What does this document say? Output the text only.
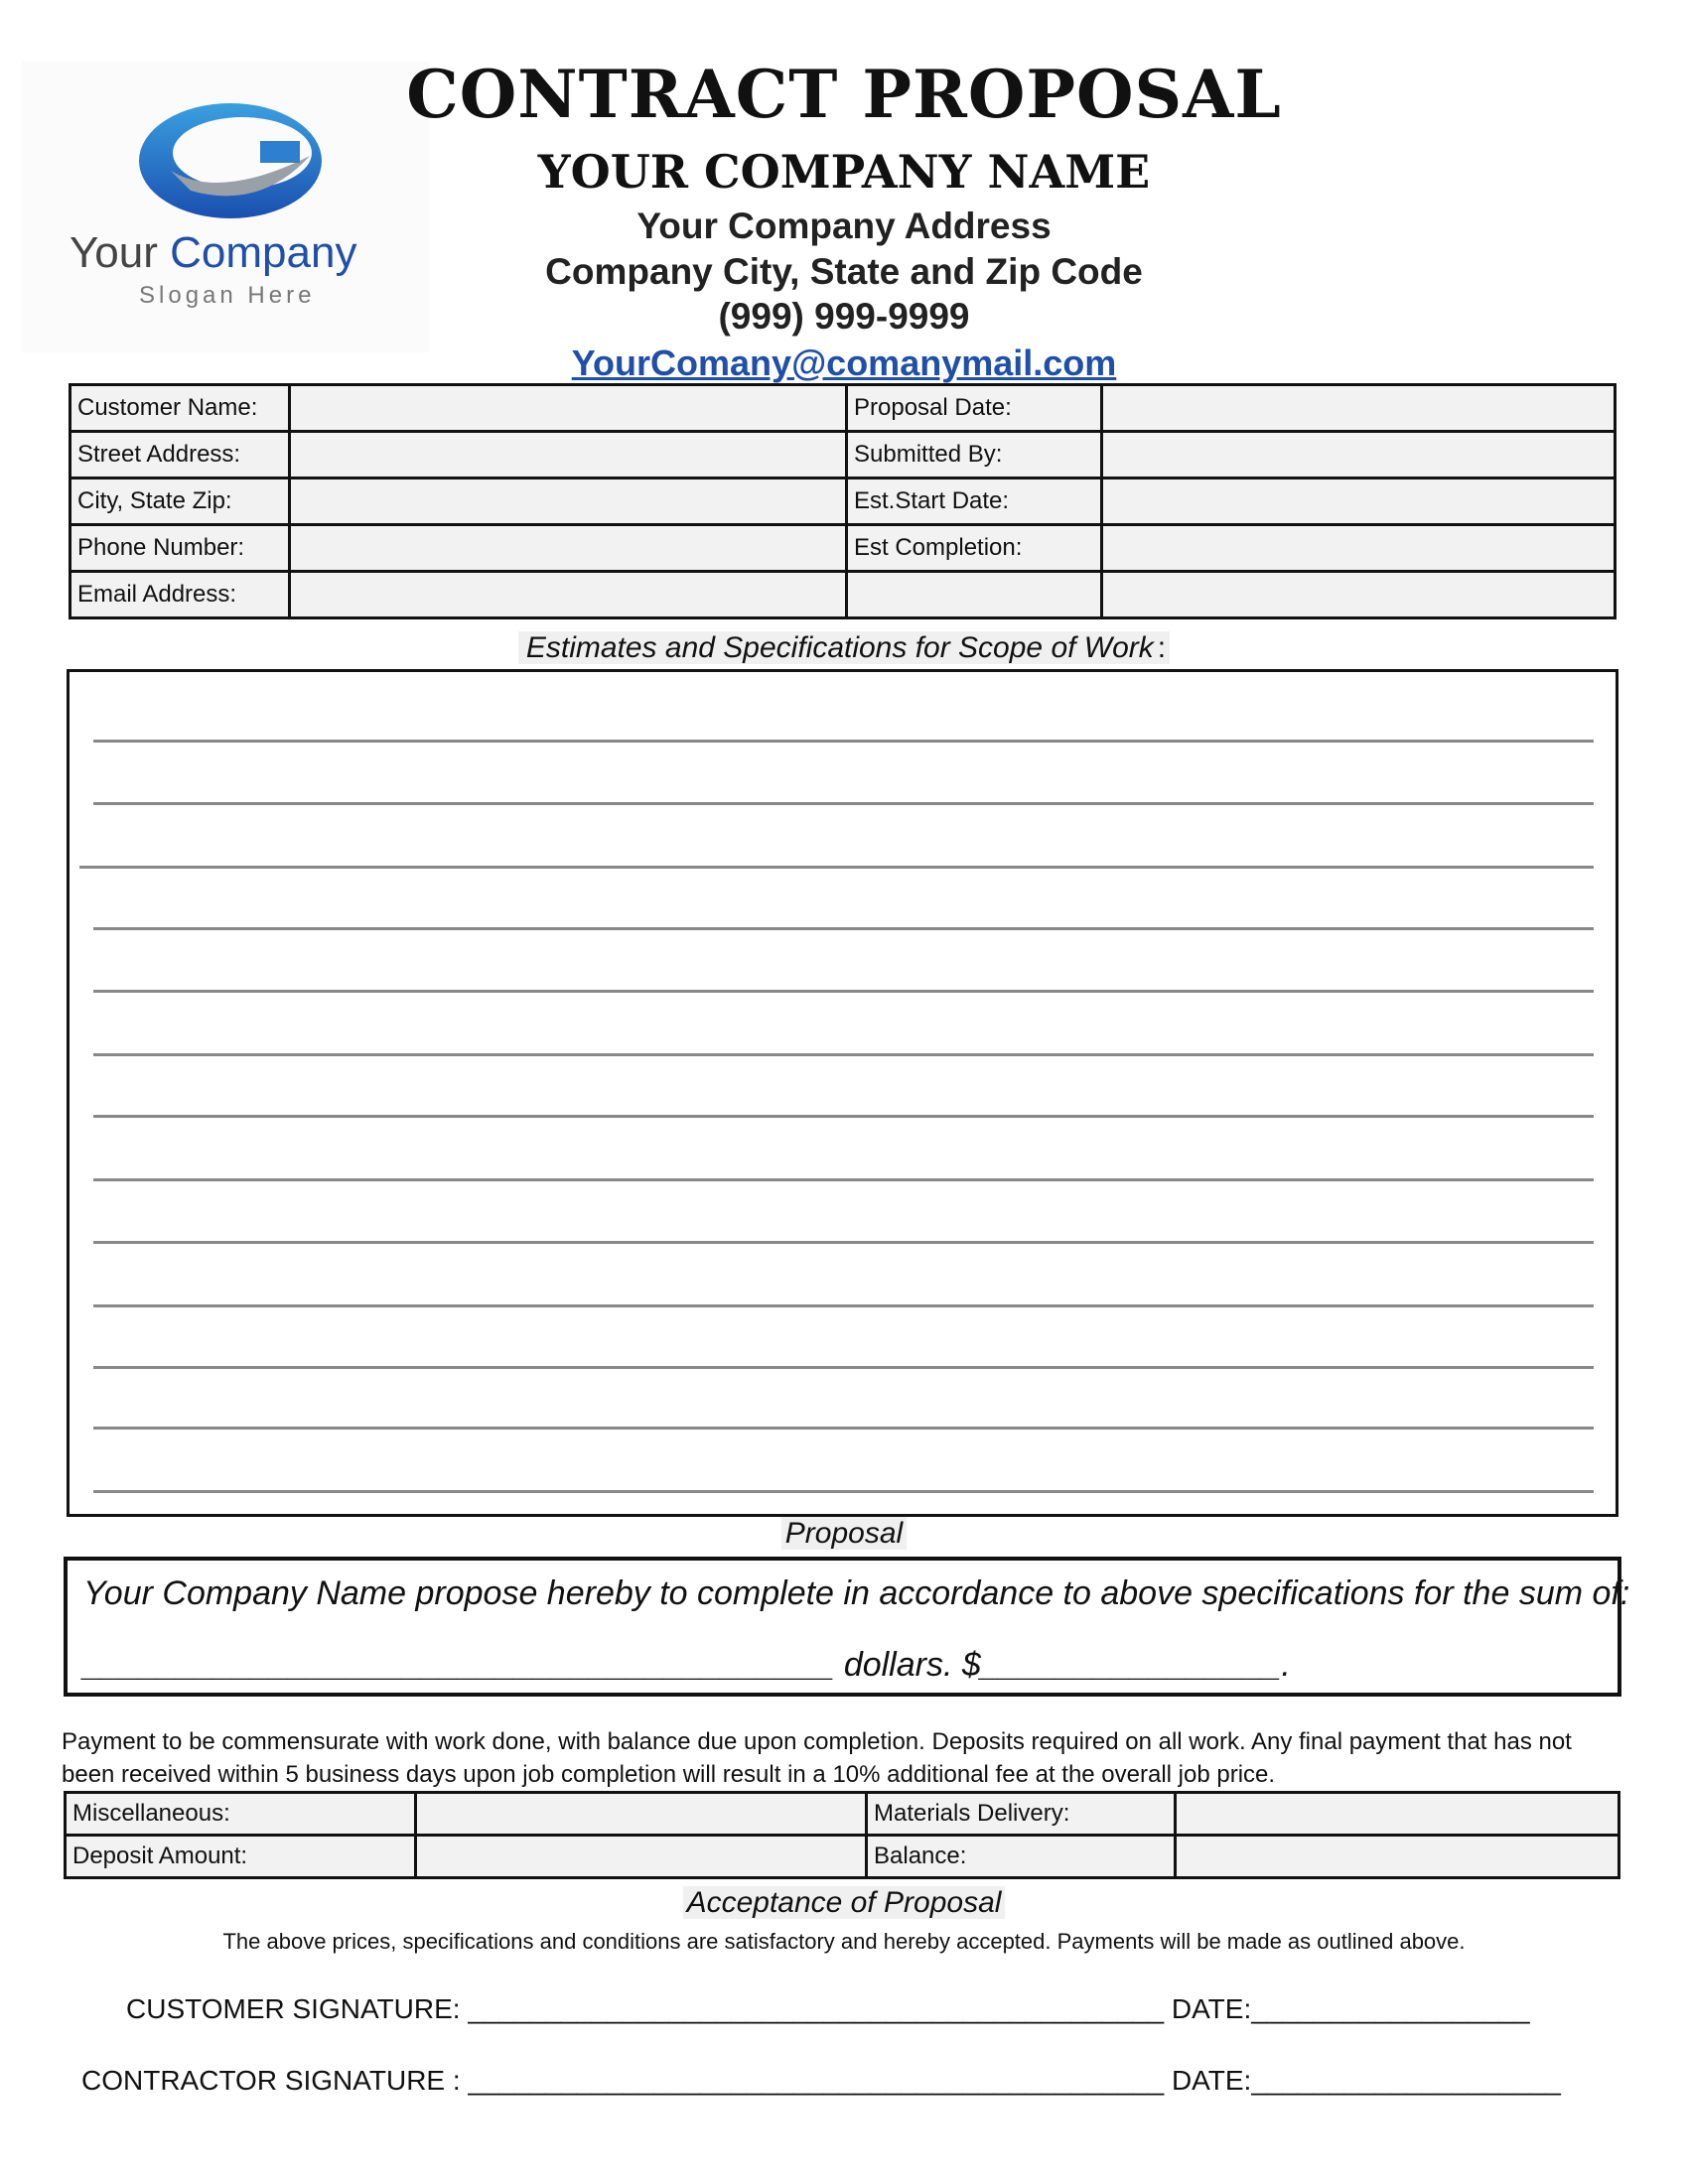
Your Company
Slogan Here
CONTRACT PROPOSAL
YOUR COMPANY NAME
Your Company Address
Company City, State and Zip Code
(999) 999-9999
YourComany@comanymail.com
Customer Name:		Proposal Date:	
Street Address:		Submitted By:	
City, State Zip:		Est.Start Date:	
Phone Number:		Est Completion:	
Email Address:			
Estimates and Specifications for Scope of Work :
Proposal
Your Company Name propose hereby to complete in accordance to above specifications for the sum of:
________________________________________ dollars. $________________.
Payment to be commensurate with work done, with balance due upon completion. Deposits required on all work. Any final payment that has not been received within 5 business days upon job completion will result in a 10% additional fee at the overall job price.
Miscellaneous:		Materials Delivery:	
Deposit Amount:		Balance:	
Acceptance of Proposal
The above prices, specifications and conditions are satisfactory and hereby accepted. Payments will be made as outlined above.
CUSTOMER SIGNATURE: _____________________________________________ DATE:__________________
CONTRACTOR SIGNATURE : _____________________________________________ DATE:____________________
